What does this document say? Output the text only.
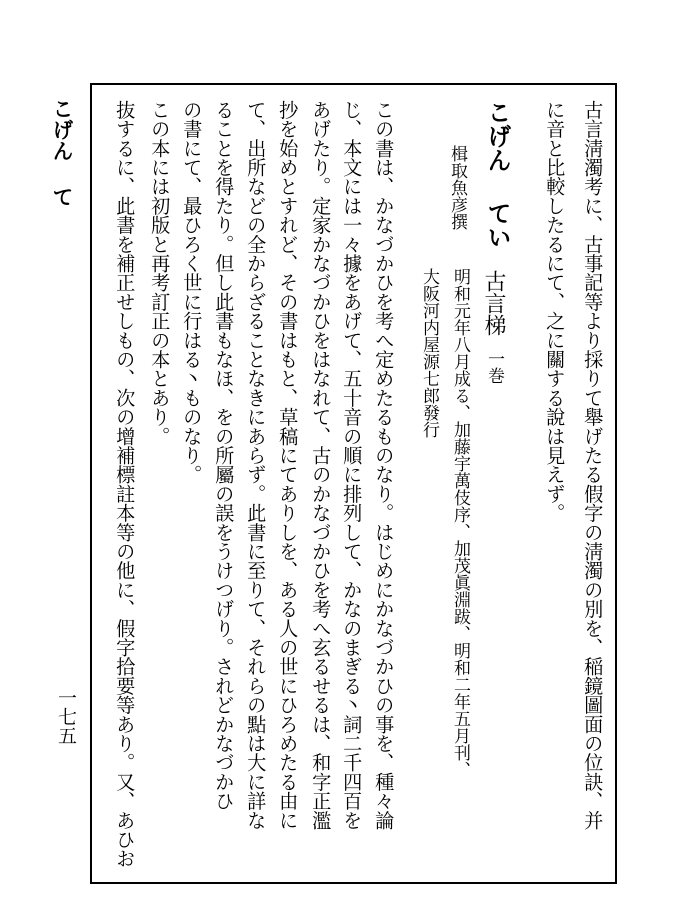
こげん て
一七五	古言淸濁考に、古事記等より採りて舉げたる假字の淸濁の別を、稲鏡圖面の位訣、并
に音と比較したるにて、之に關する說は見えず。
こげん てい
楫取魚彦撰
古言梯
一巻
明和元年八月成る、加藤宇萬伎序、加茂眞淵跋、明和二年五月刊、
大阪河内屋源七郎發行
この書は、かなづかひを考へ定めたるものなり。はじめにかなづかひの事を、種々論
じ、本文には一々據をあげて、五十音の順に排列して、かなのまぎる丶詞二千四百を
あげたり。定家かなづかひをはなれて、古のかなづかひを考へ玄るせるは、和字正濫
抄を始めとすれど、その書はもと、草稿にてありしを、ある人の世にひろめたる由に
て、出所などの全からざることなきにあらず。此書に至りて、それらの點は大に詳な
ることを得たり。但し此書もなほ、をの所屬の誤をうけつげり。されどかなづかひ
の書にて、最ひろく世に行はる丶ものなり。
この本には初版と再考訂正の本とあり。
抜するに、此書を補正せしもの、次の增補標註本等の他に、假字拾要等あり。又、あひお
